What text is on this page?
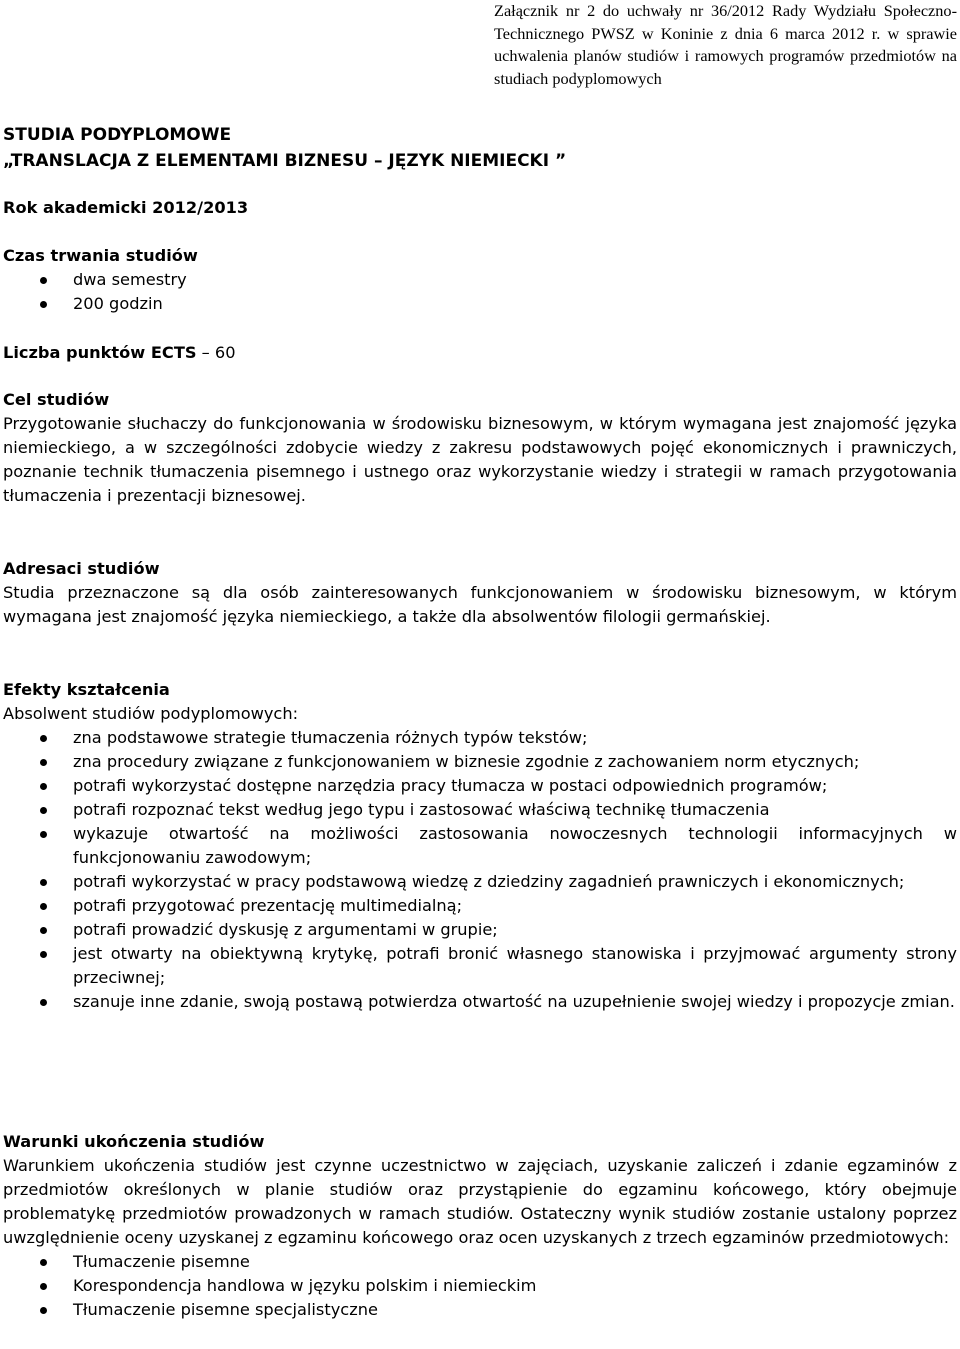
Załącznik nr 2 do uchwały nr 36/2012 Rady Wydziału Społeczno-Technicznego PWSZ w Koninie z dnia 6 marca 2012 r. w sprawie uchwalenia planów studiów i ramowych programów przedmiotów na studiach podyplomowych
STUDIA PODYPLOMOWE
„TRANSLACJA Z ELEMENTAMI BIZNESU – JĘZYK NIEMIECKI ”
Rok akademicki 2012/2013
Czas trwania studiów
dwa semestry
200 godzin
Liczba punktów ECTS – 60
Cel studiów
Przygotowanie słuchaczy do funkcjonowania w środowisku biznesowym, w którym wymagana jest znajomość języka niemieckiego, a w szczególności zdobycie wiedzy z zakresu podstawowych pojęć ekonomicznych i prawniczych, poznanie technik tłumaczenia pisemnego i ustnego oraz wykorzystanie wiedzy i strategii w ramach przygotowania tłumaczenia i prezentacji biznesowej.
Adresaci studiów
Studia przeznaczone są dla osób zainteresowanych funkcjonowaniem w środowisku biznesowym, w którym wymagana jest znajomość języka niemieckiego, a także dla absolwentów filologii germańskiej.
Efekty kształcenia
Absolwent studiów podyplomowych:
zna podstawowe strategie tłumaczenia różnych typów tekstów;
zna procedury związane z funkcjonowaniem w biznesie zgodnie z zachowaniem norm etycznych;
potrafi wykorzystać dostępne narzędzia pracy tłumacza w postaci odpowiednich programów;
potrafi rozpoznać tekst według jego typu i zastosować właściwą technikę tłumaczenia
wykazuje otwartość na możliwości zastosowania nowoczesnych technologii informacyjnych w funkcjonowaniu zawodowym;
potrafi wykorzystać w pracy podstawową wiedzę z dziedziny zagadnień prawniczych i ekonomicznych;
potrafi przygotować prezentację multimedialną;
potrafi prowadzić dyskusję z argumentami w grupie;
jest otwarty na obiektywną krytykę, potrafi bronić własnego stanowiska i przyjmować argumenty strony przeciwnej;
szanuje inne zdanie, swoją postawą potwierdza otwartość na uzupełnienie swojej wiedzy i propozycje zmian.
Warunki ukończenia studiów
Warunkiem ukończenia studiów jest czynne uczestnictwo w zajęciach, uzyskanie zaliczeń i zdanie egzaminów z przedmiotów określonych w planie studiów oraz przystąpienie do egzaminu końcowego, który obejmuje problematykę przedmiotów prowadzonych w ramach studiów. Ostateczny wynik studiów zostanie ustalony poprzez uwzględnienie oceny uzyskanej z egzaminu końcowego oraz ocen uzyskanych z trzech egzaminów przedmiotowych:
Tłumaczenie pisemne
Korespondencja handlowa w języku polskim i niemieckim
Tłumaczenie pisemne specjalistyczne
